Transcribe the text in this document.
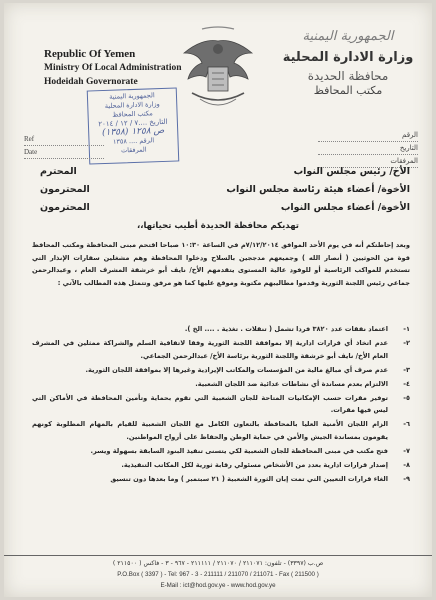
Republic Of Yemen
Ministry Of Local Administration
Hodeidah Governorate
الجمهورية اليمنية
وزارة الادارة المحلية
محافظة الحديدة
مكتب المحافظ
الجمهورية اليمنية
وزارة الادارة المحلية
مكتب المحافظ
التاريخ ....٧ / ١٢ / ٢٠١٤
ص ١٢٥٨ (١٣٥٨)
الرقم .... ١٣٥٨
المرفقات
Ref
Date
الرقم
التاريخ
المرفقات
الأخ/ رئيس مجلس النواب
المحترم
الأخوة/ أعضاء هيئة رئاسة مجلس النواب
المحترمون
الأخوة/ أعضاء مجلس النواب
المحترمون
تهديكم محافظة الحديدة أطيب تحياتها،،
وبعد إحاطتكم أنه في يوم الأحد الموافق ٧/١٢/٢٠١٤م في الساعة ١٠:٣٠ صباحا اقتحم مبنى المحافظة ومكتب المحافظ قوة من الحوثيين ( أنصار الله ) وجميعهم مدججين بالسلاح ودخلوا المحافظة وهم مشغلين سفارات الإنذار التي تستخدم للمواكب الرئاسية أو للوفود عالية المستوى يتقدمهم الأخ/ نايف أبو خرشفة المشرف العام ، وعبدالرحمن جماعي رئيس اللجنة الثورية وقدموا مطاليبهم مكتوبة وموقع عليها كما هو مرفق وتتمثل هذه المطالب بالآتي :
١-
اعتماد نفقات عدد ٣٨٢٠ فردا تشمل ( تنقلات . تغذية . .... الخ ).
٢-
عدم اتخاذ أي قرارات ادارية إلا بموافقة اللجنة الثورية وفقا لاتفاقية السلم والشراكة ممثلين في المشرف العام الأخ/ نايف أبو خرشفة واللجنة الثورية برئاسة الأخ/ عبدالرحمن الجماعي.
٣-
عدم صرف أي مبالغ مالية من المؤسسات والمكاتب الإيرادية وغيرها إلا بموافقة اللجان الثورية.
٤-
الالتزام بعدم مساندة أي نشاطات عدائية ضد اللجان الشعبية.
٥-
توفير مقرات حسب الإمكانيات المتاحة للجان الشعبية التي تقوم بحماية وتأمين المحافظة في الأماكن التي ليس فيها مقرات.
٦-
الزام اللجان الأمنية العليا بالمحافظة بالتعاون الكامل مع اللجان الشعبية للقيام بالمهام المطلوبة كونهم يقومون بمساندة الجيش والأمن في حماية الوطن والحفاظ على أرواح المواطنين.
٧-
فتح مكتب في مبنى المحافظة للجان الشعبية لكي يتسنى تنفيذ البنود السابقة بسهولة ويسر.
٨-
إصدار قرارات ادارية بعدد من الأشخاص مسئولي رقابة ثورية لكل المكاتب التنفيذية.
٩-
الغاء قرارات التعيين التي تمت إبان الثورة الشعبية ( ٢١ سبتمبر ) وما بعدها دون تنسيق
ص.ب (٣٣٩٧) - تلفون: ٢١١٠٧١ / ٢١١٠٧٠ / ٢١١١١١ - ٩٦٧ - ٣ - فاكس ( ٢١١٥٠٠ )
P.O.Box ( 3397 ) - Tel: 967 - 3 - 211111 / 211070 / 211071 - Fax ( 211500 )
E-Mail : ict@hod.gov.ye - www.hod.gov.ye
